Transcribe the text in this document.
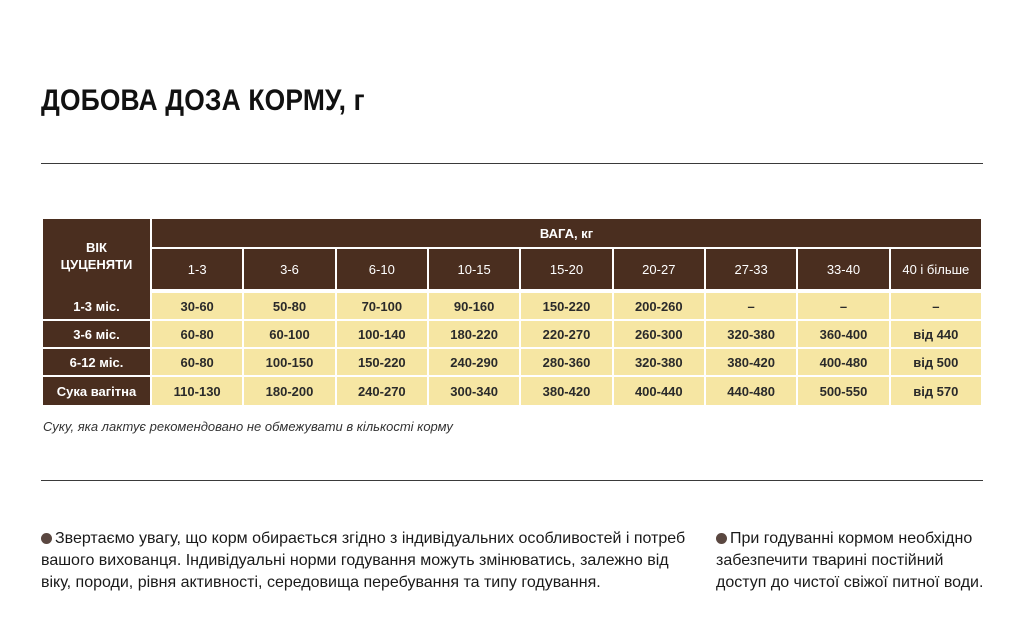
ДОБОВА ДОЗА КОРМУ, г
ВІК
ЦУЦЕНЯТИ	ВАГА, кг								
	1-3	3-6	6-10	10-15	15-20	20-27	27-33	33-40	40 і більше
1-3 міс.	30-60	50-80	70-100	90-160	150-220	200-260	–	–	–
3-6 міс.	60-80	60-100	100-140	180-220	220-270	260-300	320-380	360-400	від 440
6-12 міс.	60-80	100-150	150-220	240-290	280-360	320-380	380-420	400-480	від 500
Сука вагітна	110-130	180-200	240-270	300-340	380-420	400-440	440-480	500-550	від 570
Суку, яка лактує рекомендовано не обмежувати в кількості корму
Звертаємо увагу, що корм обирається згідно з індивідуальних особливостей і потреб вашого вихованця. Індивідуальні норми годування можуть змінюватись, залежно від віку, породи, рівня активності, середовища перебування та типу годування.
При годуванні кормом необхідно забезпечити тварині постійний доступ до чистої свіжої питної води.
